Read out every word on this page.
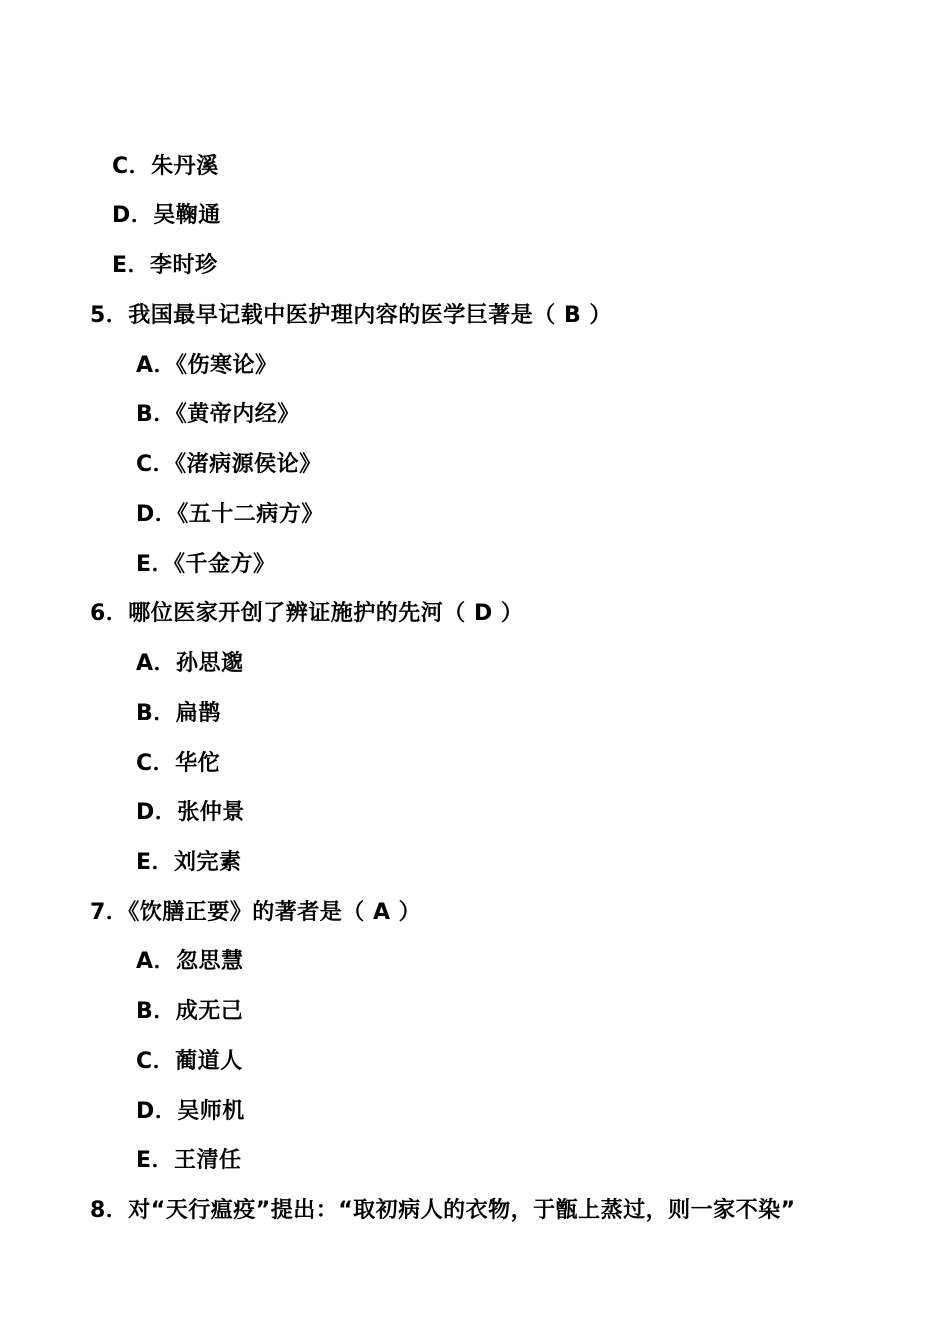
C．朱丹溪
D．吴鞠通
E．李时珍
5．我国最早记载中医护理内容的医学巨著是（ B ）
A．《伤寒论》
B．《黄帝内经》
C．《渚病源侯论》
D．《五十二病方》
E．《千金方》
6．哪位医家开创了辨证施护的先河（ D ）
A．孙思邈
B．扁鹊
C．华佗
D．张仲景
E．刘完素
7．《饮膳正要》的著者是（ A ）
A．忽思慧
B．成无己
C．蔺道人
D．吴师机
E．王清任
8．对“天行瘟疫”提出：“取初病人的衣物，于甑上蒸过，则一家不染”
